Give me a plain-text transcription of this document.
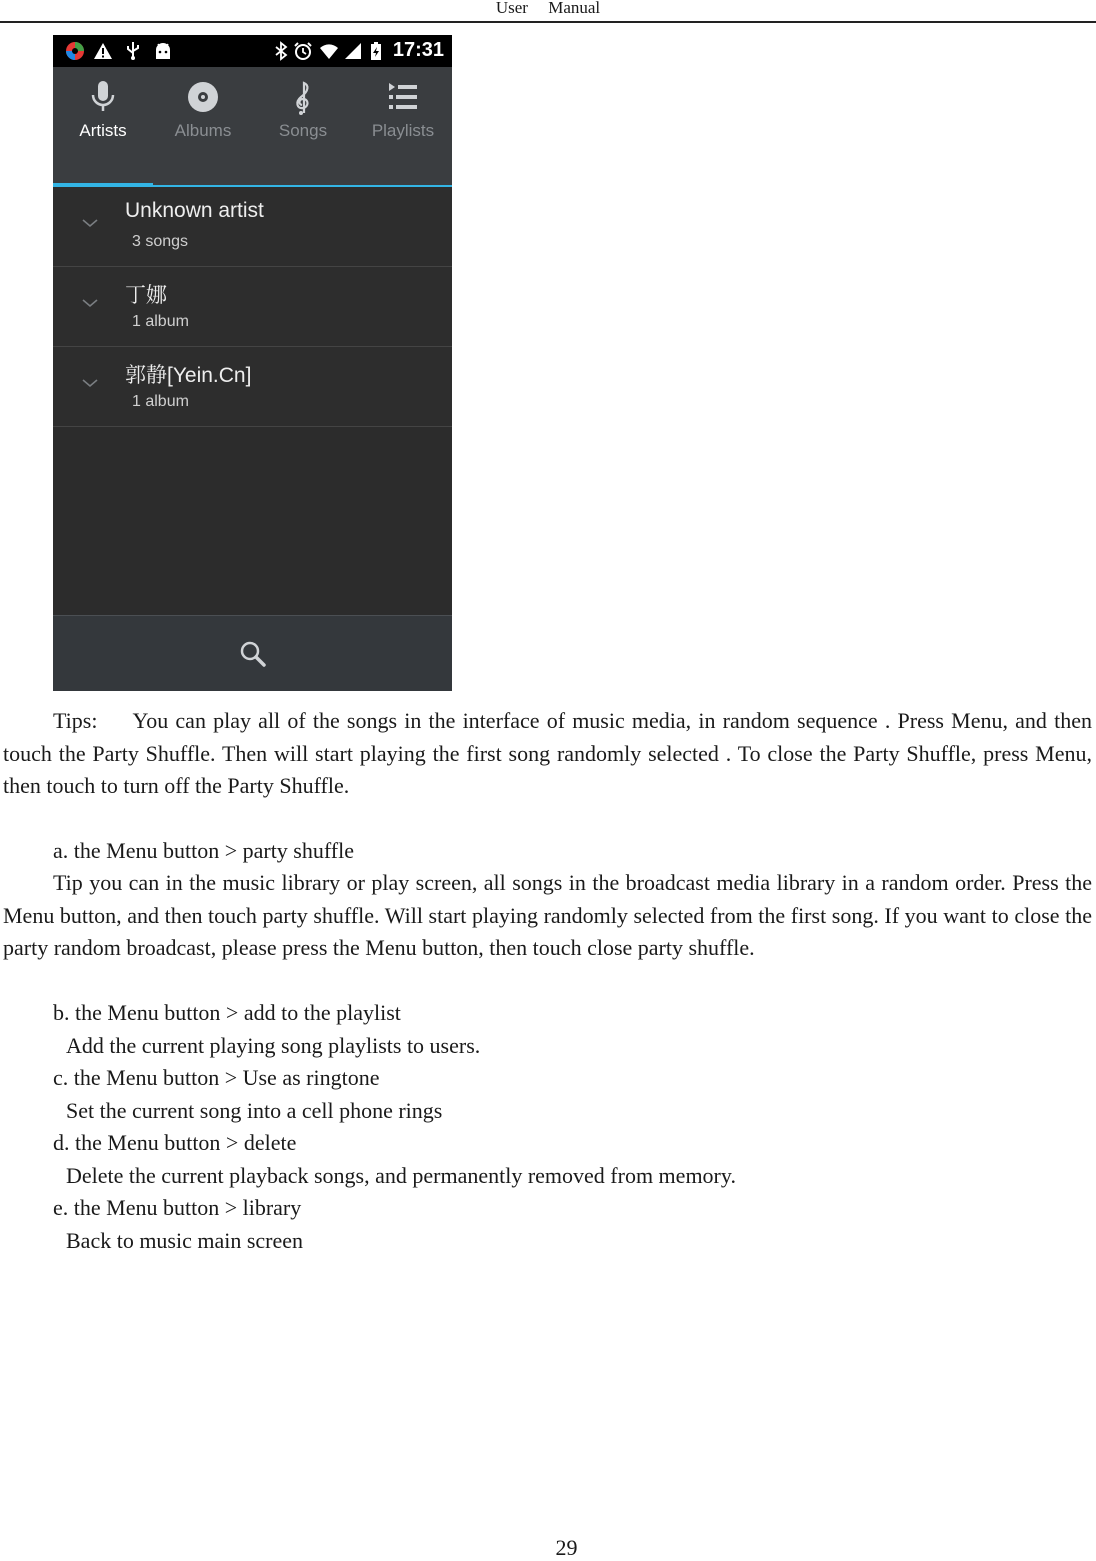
User Manual
17:31
Artists	Albums	Songs	Playlists
Unknown artist
3 songs
丁娜
1 album
郭静[Yein.Cn]
1 album

Tips: You can play all of the songs in the interface of music media, in random sequence . Press Menu, and then touch the Party Shuffle. Then will start playing the first song randomly selected . To close the Party Shuffle, press Menu, then touch to turn off the Party Shuffle.

a. the Menu button > party shuffle

Tip you can in the music library or play screen, all songs in the broadcast media library in a random order. Press the Menu button, and then touch party shuffle. Will start playing randomly selected from the first song. If you want to close the party random broadcast, please press the Menu button, then touch close party shuffle.

b. the Menu button > add to the playlist

Add the current playing song playlists to users.

c. the Menu button > Use as ringtone

Set the current song into a cell phone rings

d. the Menu button > delete

Delete the current playback songs, and permanently removed from memory.

e. the Menu button > library

Back to music main screen

29
